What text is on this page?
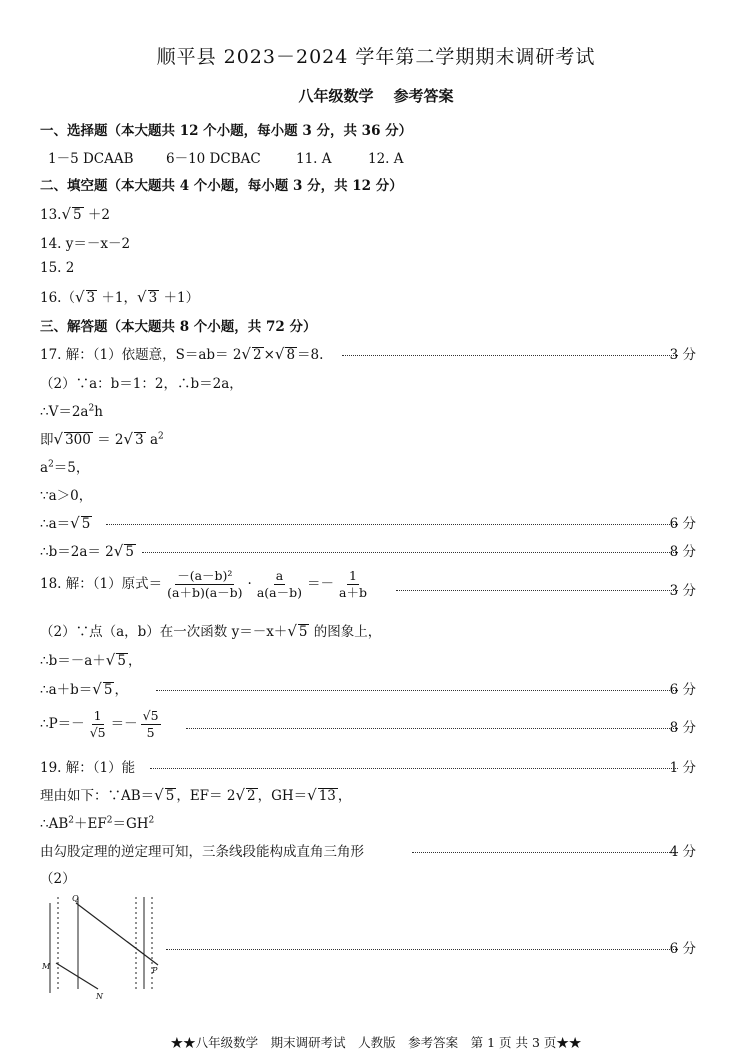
顺平县 2023－2024 学年第二学期期末调研考试
八年级数学 参考答案
一、选择题（本大题共 12 个小题，每小题 3 分，共 36 分）
1－5 DCAAB 6－10 DCBAC	11. A	12. A
二、填空题（本大题共 4 个小题，每小题 3 分，共 12 分）
13.√ 5 ＋2
14. y＝－x－2
15. 2
16.（√ 3 ＋1，√ 3 ＋1）
三、解答题（本大题共 8 个小题，共 72 分）
17. 解：（1）依题意，S＝ab＝ 2√ 2 ×√ 8 ＝8.	3 分
（2）∵a：b＝1：2，∴b＝2a，
$\therefore V=2a^2h$
即√ 300 ＝ 2√ 3 $a^2$
$a^2=5$，
∵a＞0，
∴a＝√ 5	6 分
∴b＝2a＝ 2√ 5	8 分
18. 解：（1）原式＝ $\frac{\text{－(a－b)²}}{(a+b)(a-b)} \cdot \frac{a}{a(a-b)} =- \frac{1}{a+b}$	3 分
（2）∵点（a，b）在一次函数 y＝－x＋√ 5 的图象上，
∴b＝－a＋√ 5 ，
∴a＋b＝√ 5 ，	6 分
∴P＝－ $\frac{1}{√5} =- \frac{√5}{5}$	8 分
19. 解：（1）能	1 分
理由如下：∵AB＝√ 5 ，EF＝ 2√ 2 ，GH＝√ 13 ，
$\therefore AB^2+EF^2=GH^2$
由勾股定理的逆定理可知，三条线段能构成直角三角形	4 分
（2）
Q
M
N
P
6 分
★★八年级数学　期末调研考试　人教版　参考答案　第 1 页 共 3 页★★
